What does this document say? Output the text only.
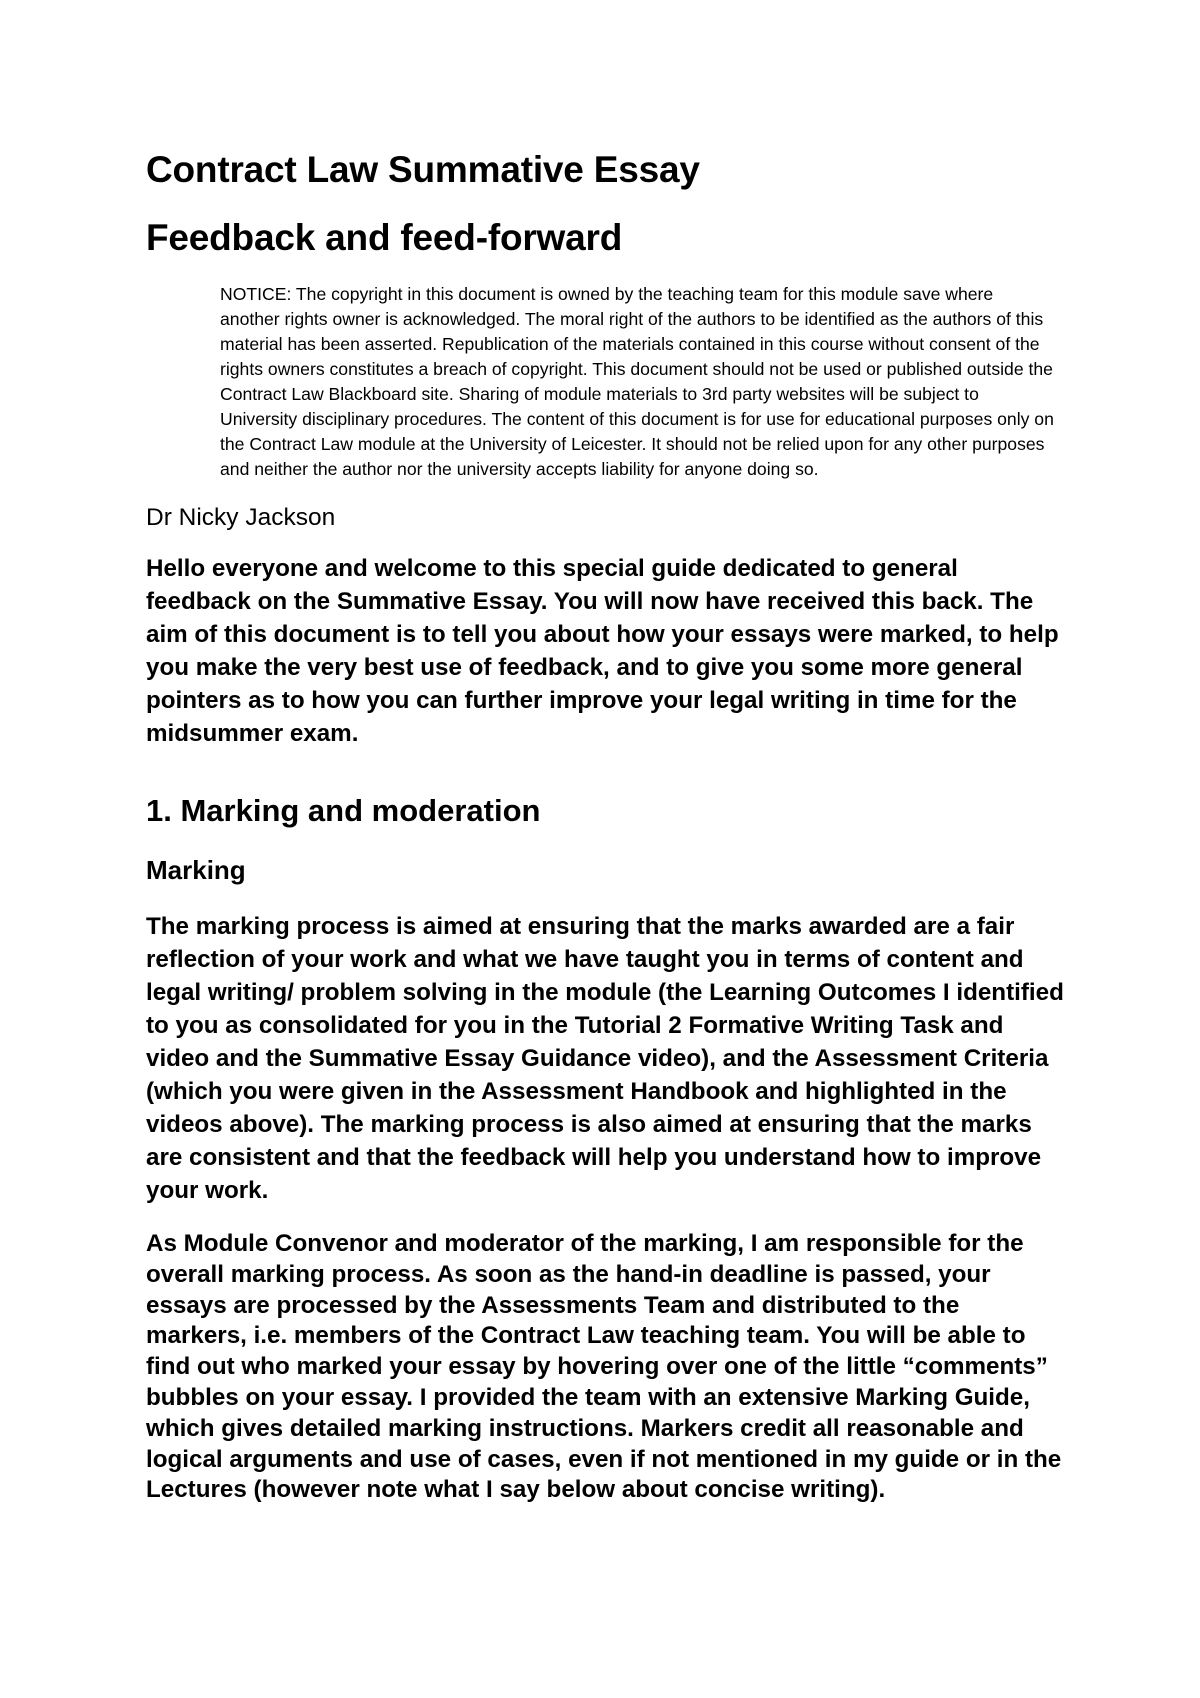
Contract Law Summative Essay
Feedback and feed-forward

NOTICE: The copyright in this document is owned by the teaching team for this module save where another rights owner is acknowledged. The moral right of the authors to be identified as the authors of this material has been asserted. Republication of the materials contained in this course without consent of the rights owners constitutes a breach of copyright. This document should not be used or published outside the Contract Law Blackboard site. Sharing of module materials to 3rd party websites will be subject to University disciplinary procedures. The content of this document is for use for educational purposes only on the Contract Law module at the University of Leicester. It should not be relied upon for any other purposes and neither the author nor the university accepts liability for anyone doing so.

Dr Nicky Jackson

Hello everyone and welcome to this special guide dedicated to general feedback on the Summative Essay. You will now have received this back. The aim of this document is to tell you about how your essays were marked, to help you make the very best use of feedback, and to give you some more general pointers as to how you can further improve your legal writing in time for the midsummer exam.

1. Marking and moderation
Marking

The marking process is aimed at ensuring that the marks awarded are a fair reflection of your work and what we have taught you in terms of content and legal writing/ problem solving in the module (the Learning Outcomes I identified to you as consolidated for you in the Tutorial 2 Formative Writing Task and video and the Summative Essay Guidance video), and the Assessment Criteria (which you were given in the Assessment Handbook and highlighted in the videos above). The marking process is also aimed at ensuring that the marks are consistent and that the feedback will help you understand how to improve your work.

As Module Convenor and moderator of the marking, I am responsible for the overall marking process. As soon as the hand-in deadline is passed, your essays are processed by the Assessments Team and distributed to the markers, i.e. members of the Contract Law teaching team. You will be able to find out who marked your essay by hovering over one of the little “comments” bubbles on your essay. I provided the team with an extensive Marking Guide, which gives detailed marking instructions. Markers credit all reasonable and logical arguments and use of cases, even if not mentioned in my guide or in the Lectures (however note what I say below about concise writing).
